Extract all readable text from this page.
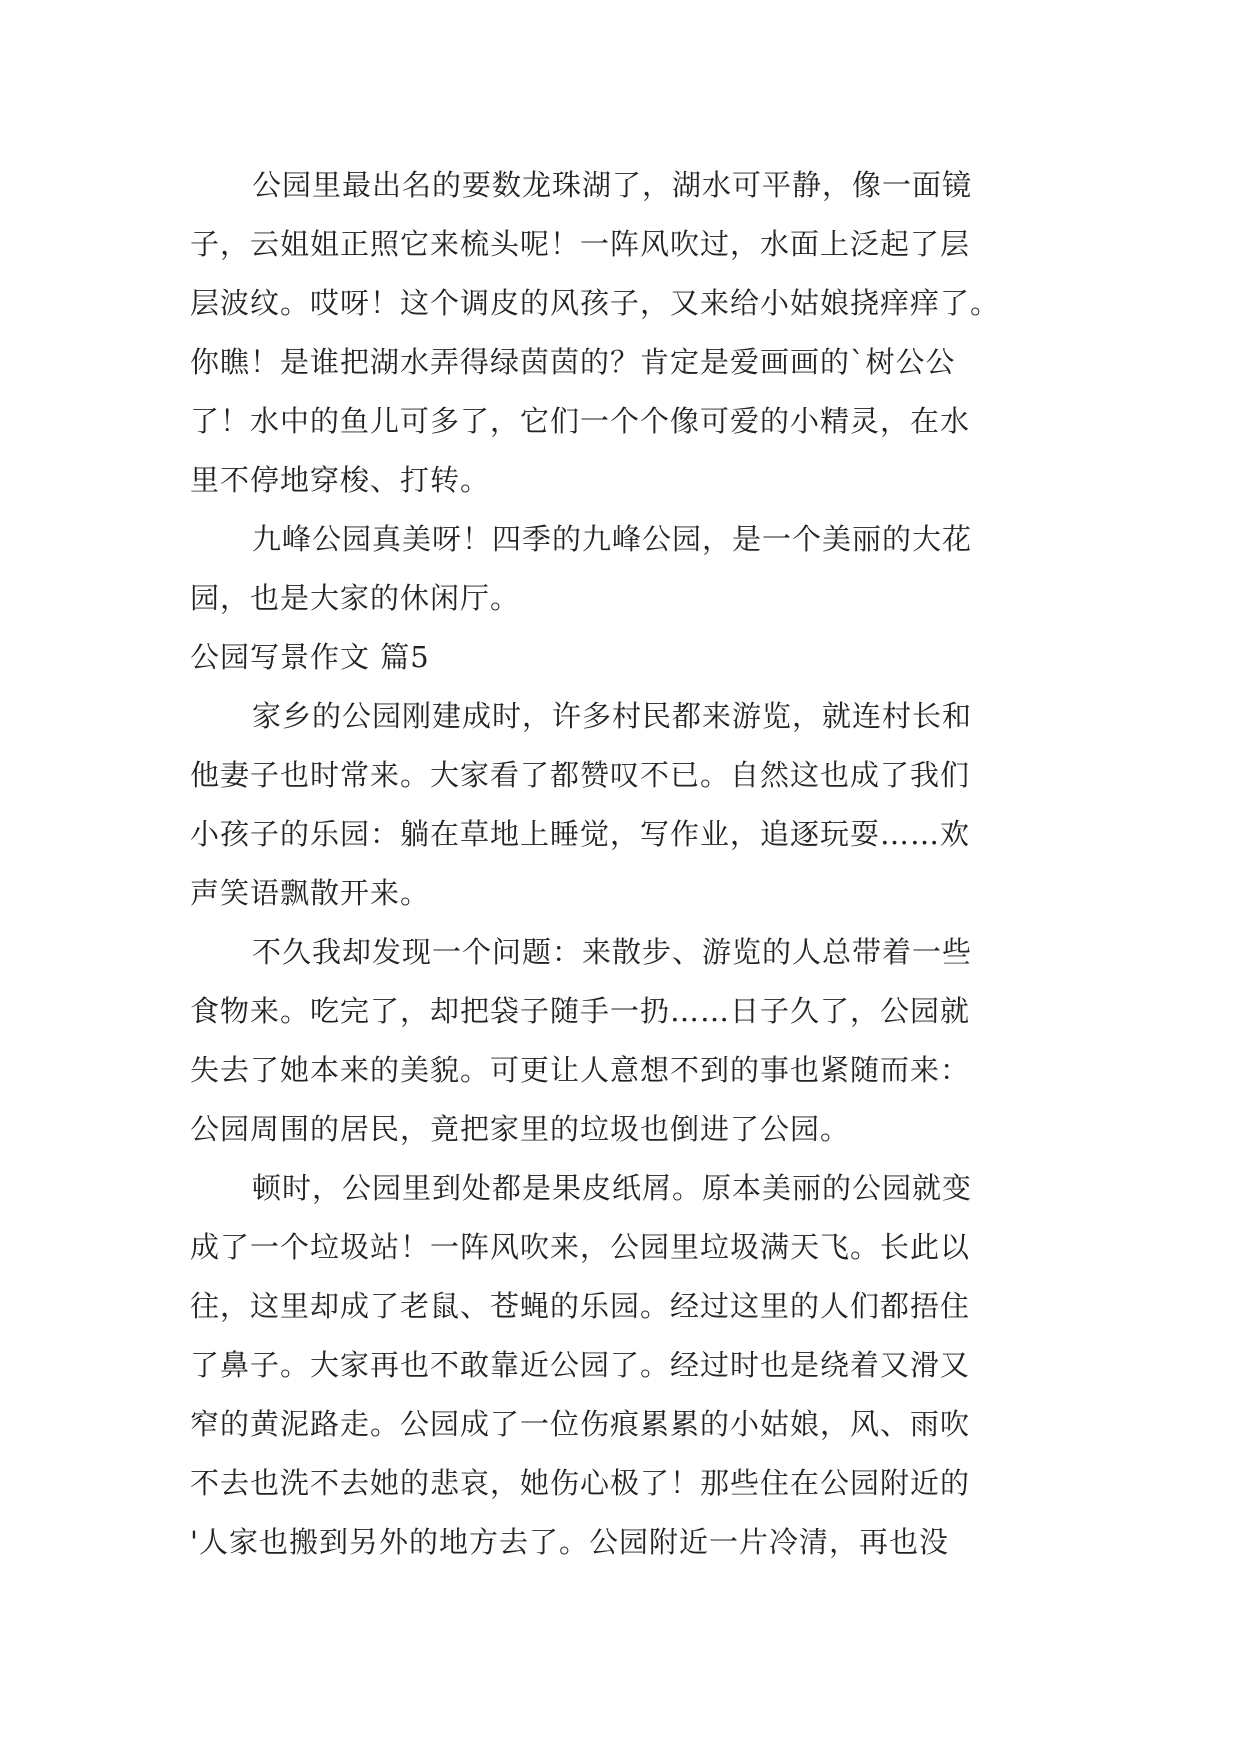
公园里最出名的要数龙珠湖了，湖水可平静，像一面镜
子，云姐姐正照它来梳头呢！一阵风吹过，水面上泛起了层
层波纹。哎呀！这个调皮的风孩子，又来给小姑娘挠痒痒了。
你瞧！是谁把湖水弄得绿茵茵的？肯定是爱画画的`树公公
了！水中的鱼儿可多了，它们一个个像可爱的小精灵，在水
里不停地穿梭、打转。
九峰公园真美呀！四季的九峰公园，是一个美丽的大花
园，也是大家的休闲厅。
公园写景作文 篇5
家乡的公园刚建成时，许多村民都来游览，就连村长和
他妻子也时常来。大家看了都赞叹不已。自然这也成了我们
小孩子的乐园：躺在草地上睡觉，写作业，追逐玩耍……欢
声笑语飘散开来。
不久我却发现一个问题：来散步、游览的人总带着一些
食物来。吃完了，却把袋子随手一扔……日子久了，公园就
失去了她本来的美貌。可更让人意想不到的事也紧随而来：
公园周围的居民，竟把家里的垃圾也倒进了公园。
顿时，公园里到处都是果皮纸屑。原本美丽的公园就变
成了一个垃圾站！一阵风吹来，公园里垃圾满天飞。长此以
往，这里却成了老鼠、苍蝇的乐园。经过这里的人们都捂住
了鼻子。大家再也不敢靠近公园了。经过时也是绕着又滑又
窄的黄泥路走。公园成了一位伤痕累累的小姑娘，风、雨吹
不去也洗不去她的悲哀，她伤心极了！那些住在公园附近的
'人家也搬到另外的地方去了。公园附近一片冷清，再也没
